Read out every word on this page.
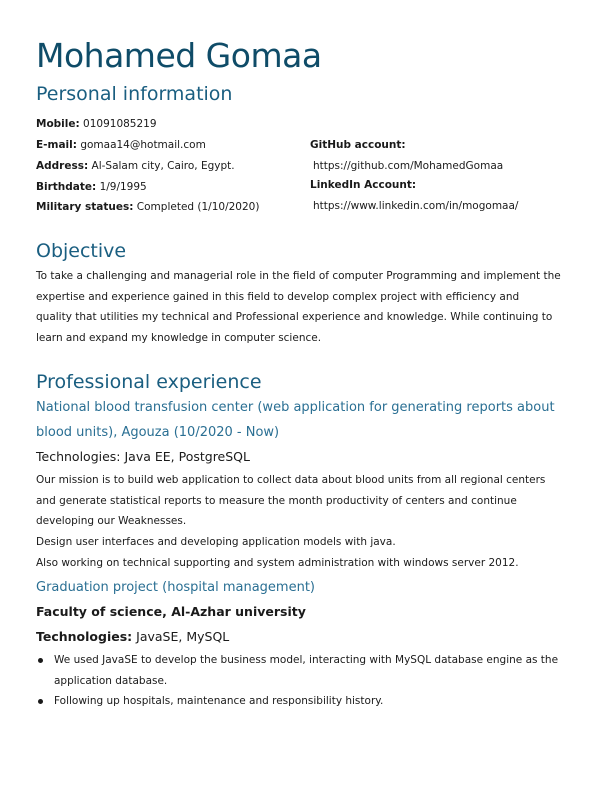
Mohamed Gomaa
Personal information
Mobile: 01091085219
E-mail: gomaa14@hotmail.com
Address: Al-Salam city, Cairo, Egypt.
Birthdate: 1/9/1995
Military statues: Completed (1/10/2020)
GitHub account:
https://github.com/MohamedGomaa
LinkedIn Account:
https://www.linkedin.com/in/mogomaa/
Objective

To take a challenging and managerial role in the field of computer Programming and implement the

expertise and experience gained in this field to develop complex project with efficiency and

quality that utilities my technical and Professional experience and knowledge. While continuing to

learn and expand my knowledge in computer science.

Professional experience
National blood transfusion center (web application for generating reports about
blood units), Agouza (10/2020 - Now)
Technologies: Java EE, PostgreSQL

Our mission is to build web application to collect data about blood units from all regional centers

and generate statistical reports to measure the month productivity of centers and continue

developing our Weaknesses.

Design user interfaces and developing application models with java.

Also working on technical supporting and system administration with windows server 2012.

Graduation project (hospital management)
Faculty of science, Al-Azhar university
Technologies: JavaSE, MySQL
We used JavaSE to develop the business model, interacting with MySQL database engine as the
application database.
Following up hospitals, maintenance and responsibility history.
